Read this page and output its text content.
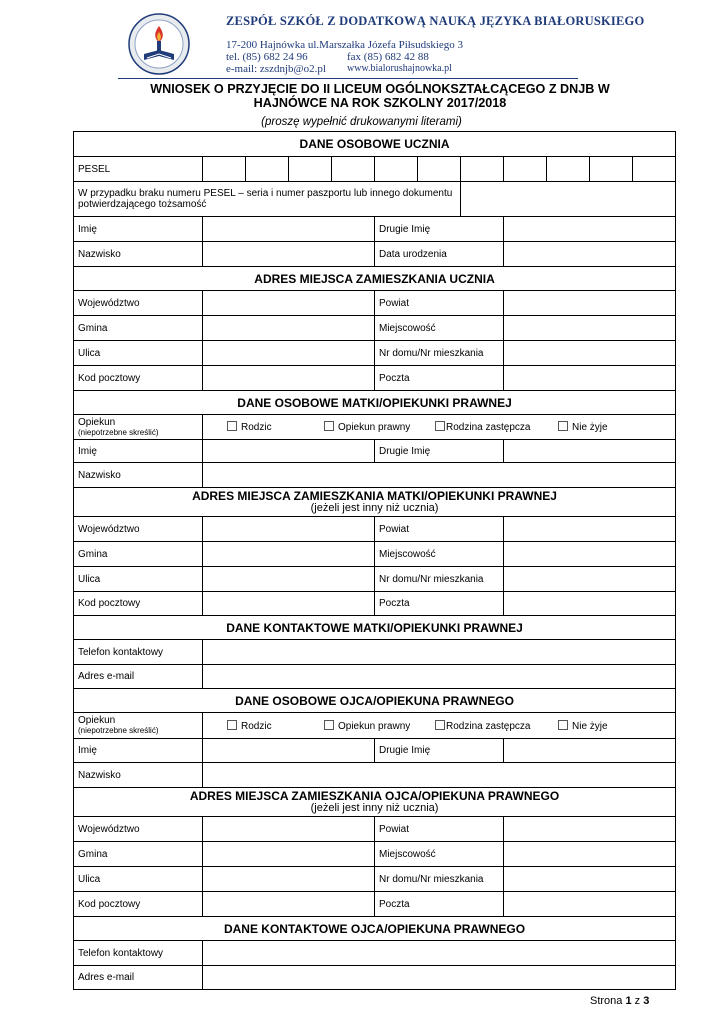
ZESPÓŁ SZKÓŁ Z DODATKOWĄ NAUKĄ JĘZYKA BIAŁORUSKIEGO
17-200 Hajnówka ul.Marszałka Józefa Piłsudskiego 3
tel. (85) 682 24 96	fax (85) 682 42 88
e-mail: zszdnjb@o2.pl www.bialorushajnowka.pl
WNIOSEK O PRZYJĘCIE DO II LICEUM OGÓLNOKSZTAŁCĄCEGO Z DNJB W
HAJNÓWCE NA ROK SZKOLNY 2017/2018
(proszę wypełnić drukowanymi literami)
DANE OSOBOWE UCZNIA											
PESEL											
W przypadku braku numeru PESEL – seria i numer paszportu lub innego dokumentu potwierdzającego tożsamość											
Imię					Drugie Imię						
Nazwisko					Data urodzenia						
ADRES MIEJSCA ZAMIESZKANIA UCZNIA											
Województwo					Powiat						
Gmina					Miejscowość						
Ulica					Nr domu/Nr mieszkania						
Kod pocztowy					Poczta						
DANE OSOBOWE MATKI/OPIEKUNKI PRAWNEJ											

Opiekun
(niepotrzebne skreślić)	Rodzic Opiekun prawny Rodzina zastępcza Nie żyje										
Imię					Drugie Imię						
Nazwisko											

ADRES MIEJSCA ZAMIESZKANIA MATKI/OPIEKUNKI PRAWNEJ
(jeżeli jest inny niż ucznia)											

Województwo					Powiat						
Gmina					Miejscowość						
Ulica					Nr domu/Nr mieszkania						
Kod pocztowy					Poczta						
DANE KONTAKTOWE MATKI/OPIEKUNKI PRAWNEJ											
Telefon kontaktowy											
Adres e-mail											
DANE OSOBOWE OJCA/OPIEKUNA PRAWNEGO											

Opiekun
(niepotrzebne skreślić)	Rodzic Opiekun prawny Rodzina zastępcza Nie żyje										
Imię					Drugie Imię						
Nazwisko											

ADRES MIEJSCA ZAMIESZKANIA OJCA/OPIEKUNA PRAWNEGO
(jeżeli jest inny niż ucznia)											

Województwo					Powiat						
Gmina					Miejscowość						
Ulica					Nr domu/Nr mieszkania						
Kod pocztowy					Poczta						
DANE KONTAKTOWE OJCA/OPIEKUNA PRAWNEGO											
Telefon kontaktowy											
Adres e-mail											
Strona 1 z 3
